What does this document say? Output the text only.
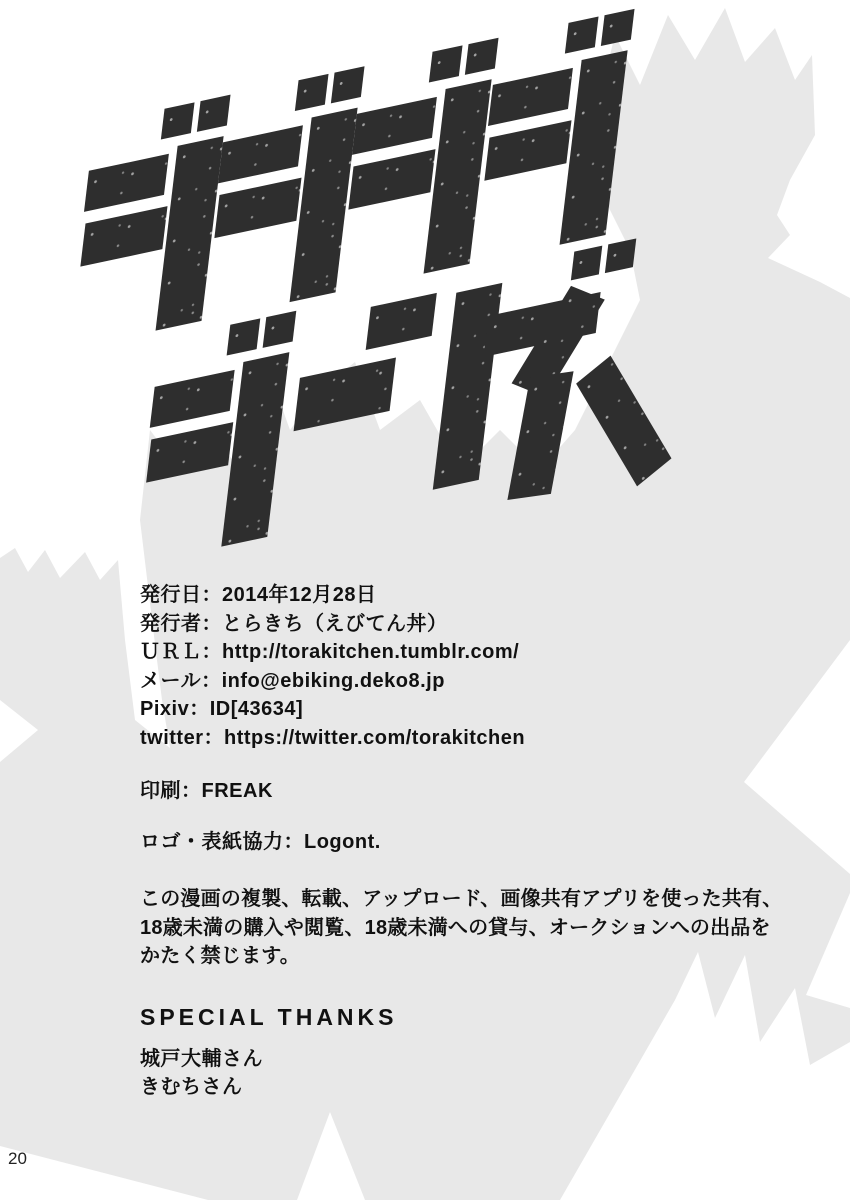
発行日：2014年12月28日

発行者：とらきち（えびてん丼）

ＵＲＬ：http://torakitchen.tumblr.com/

メール：info@ebiking.deko8.jp

Pixiv：ID[43634]

twitter：https://twitter.com/torakitchen

印刷：FREAK

ロゴ・表紙協力：Logont.

この漫画の複製、転載、アップロード、画像共有アプリを使った共有、

18歳未満の購入や閲覧、18歳未満への貸与、オークションへの出品を

かたく禁じます。

SPECIAL THANKS

城戸大輔さん

きむちさん

20
